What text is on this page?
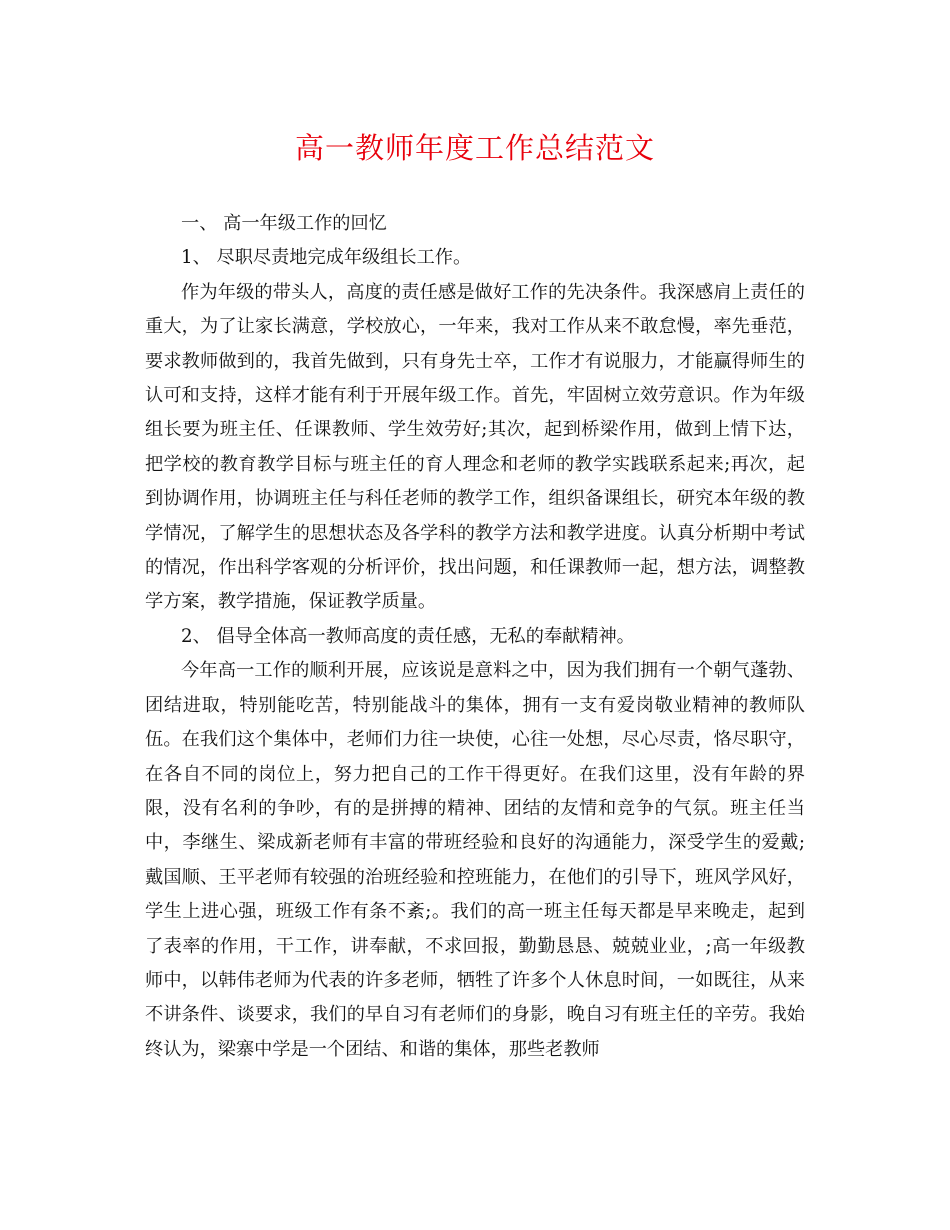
高一教师年度工作总结范文

一、 高一年级工作的回忆

1、 尽职尽责地完成年级组长工作。

作为年级的带头人，高度的责任感是做好工作的先决条件。我深感肩上责任的重大，为了让家长满意，学校放心，一年来，我对工作从来不敢怠慢，率先垂范，要求教师做到的，我首先做到，只有身先士卒，工作才有说服力，才能赢得师生的认可和支持，这样才能有利于开展年级工作。首先，牢固树立效劳意识。作为年级组长要为班主任、任课教师、学生效劳好;其次，起到桥梁作用，做到上情下达，把学校的教育教学目标与班主任的育人理念和老师的教学实践联系起来;再次，起到协调作用，协调班主任与科任老师的教学工作，组织备课组长，研究本年级的教学情况，了解学生的思想状态及各学科的教学方法和教学进度。认真分析期中考试的情况，作出科学客观的分析评价，找出问题，和任课教师一起，想方法，调整教学方案，教学措施，保证教学质量。

2、 倡导全体高一教师高度的责任感，无私的奉献精神。

今年高一工作的顺利开展，应该说是意料之中，因为我们拥有一个朝气蓬勃、团结进取，特别能吃苦，特别能战斗的集体，拥有一支有爱岗敬业精神的教师队伍。在我们这个集体中，老师们力往一块使，心往一处想，尽心尽责，恪尽职守，在各自不同的岗位上，努力把自己的工作干得更好。在我们这里，没有年龄的界限，没有名利的争吵，有的是拼搏的精神、团结的友情和竞争的气氛。班主任当中，李继生、梁成新老师有丰富的带班经验和良好的沟通能力，深受学生的爱戴;戴国顺、王平老师有较强的治班经验和控班能力，在他们的引导下，班风学风好，学生上进心强，班级工作有条不紊;。我们的高一班主任每天都是早来晚走，起到了表率的作用，干工作，讲奉献，不求回报，勤勤恳恳、兢兢业业，;高一年级教师中，以韩伟老师为代表的许多老师，牺牲了许多个人休息时间，一如既往，从来不讲条件、谈要求，我们的早自习有老师们的身影，晚自习有班主任的辛劳。我始终认为，梁寨中学是一个团结、和谐的集体，那些老教师
